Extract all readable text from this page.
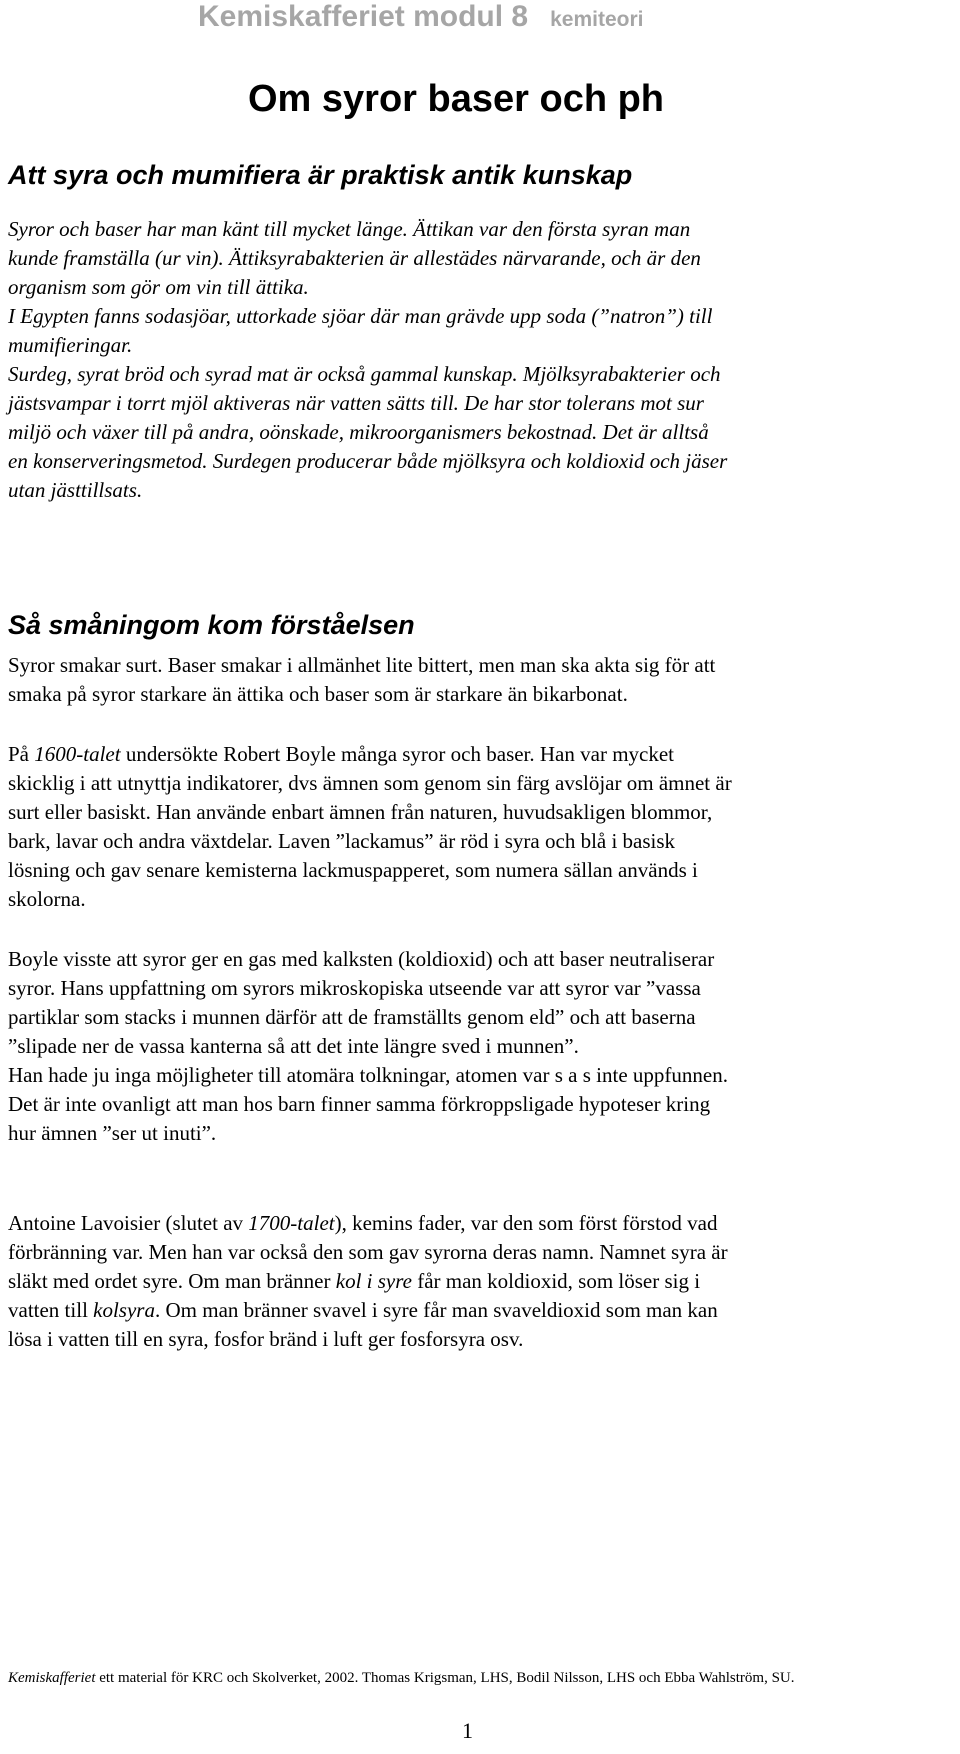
Kemiskafferiet modul 8 kemiteori
Om syror baser och ph
Att syra och mumifiera är praktisk antik kunskap
Syror och baser har man känt till mycket länge. Ättikan var den första syran man
kunde framställa (ur vin). Ättiksyrabakterien är allestädes närvarande, och är den
organism som gör om vin till ättika.
I Egypten fanns sodasjöar, uttorkade sjöar där man grävde upp soda (”natron”) till
mumifieringar.
Surdeg, syrat bröd och syrad mat är också gammal kunskap. Mjölksyrabakterier och
jästsvampar i torrt mjöl aktiveras när vatten sätts till. De har stor tolerans mot sur
miljö och växer till på andra, oönskade, mikroorganismers bekostnad. Det är alltså
en konserveringsmetod. Surdegen producerar både mjölksyra och koldioxid och jäser
utan jästtillsats.
Så småningom kom förståelsen
Syror smakar surt. Baser smakar i allmänhet lite bittert, men man ska akta sig för att
smaka på syror starkare än ättika och baser som är starkare än bikarbonat.
På 1600-talet undersökte Robert Boyle många syror och baser. Han var mycket
skicklig i att utnyttja indikatorer, dvs ämnen som genom sin färg avslöjar om ämnet är
surt eller basiskt. Han använde enbart ämnen från naturen, huvudsakligen blommor,
bark, lavar och andra växtdelar. Laven ”lackamus” är röd i syra och blå i basisk
lösning och gav senare kemisterna lackmuspapperet, som numera sällan används i
skolorna.
Boyle visste att syror ger en gas med kalksten (koldioxid) och att baser neutraliserar
syror. Hans uppfattning om syrors mikroskopiska utseende var att syror var ”vassa
partiklar som stacks i munnen därför att de framställts genom eld” och att baserna
”slipade ner de vassa kanterna så att det inte längre sved i munnen”.
Han hade ju inga möjligheter till atomära tolkningar, atomen var s a s inte uppfunnen.
Det är inte ovanligt att man hos barn finner samma förkroppsligade hypoteser kring
hur ämnen ”ser ut inuti”.
Antoine Lavoisier (slutet av 1700-talet), kemins fader, var den som först förstod vad
förbränning var. Men han var också den som gav syrorna deras namn. Namnet syra är
släkt med ordet syre. Om man bränner kol i syre får man koldioxid, som löser sig i
vatten till kolsyra. Om man bränner svavel i syre får man svaveldioxid som man kan
lösa i vatten till en syra, fosfor bränd i luft ger fosforsyra osv.
Kemiskafferiet ett material för KRC och Skolverket, 2002. Thomas Krigsman, LHS, Bodil Nilsson, LHS och Ebba Wahlström, SU.
1
